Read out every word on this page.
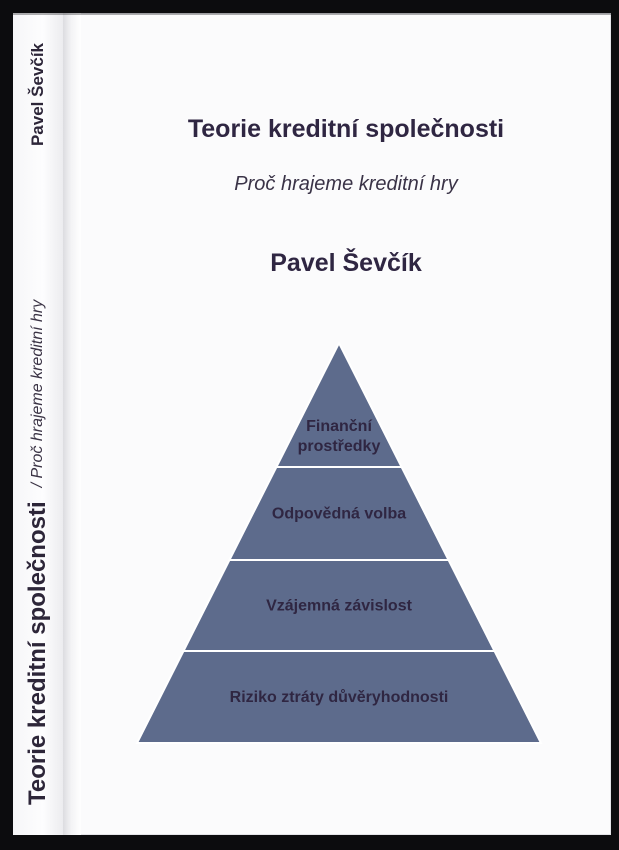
Teorie kreditní společnosti
/ Proč hrajeme kreditní hry
Pavel Ševčík	Teorie kreditní společnosti
Proč hrajeme kreditní hry
Pavel Ševčík
Finanční
prostředky
Odpovědná volba
Vzájemná závislost
Riziko ztráty důvěryhodnosti
